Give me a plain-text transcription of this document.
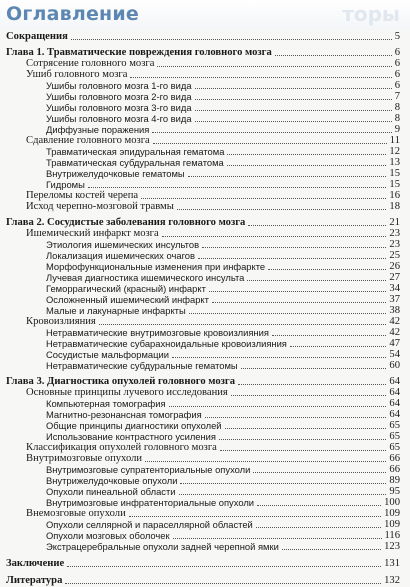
Оглавление	торы
Сокращения	5
Глава 1. Травматические повреждения головного мозга	6
Сотрясение головного мозга	6
Ушиб головного мозга	6
Ушибы головного мозга 1-го вида	6
Ушибы головного мозга 2-го вида	7
Ушибы головного мозга 3-го вида	8
Ушибы головного мозга 4-го вида	8
Диффузные поражения	9
Сдавление головного мозга	11
Травматическая эпидуральная гематома	12
Травматическая субдуральная гематома	13
Внутрижелудочковые гематомы	15
Гидромы	15
Переломы костей черепа	16
Исход черепно-мозговой травмы	18
Глава 2. Сосудистые заболевания головного мозга	21
Ишемический инфаркт мозга	23
Этиология ишемических инсультов	23
Локализация ишемических очагов	25
Морфофункциональные изменения при инфаркте	26
Лучевая диагностика ишемического инсульта	27
Геморрагический (красный) инфаркт	34
Осложненный ишемический инфаркт	37
Малые и лакунарные инфаркты	38
Кровоизлияния	42
Нетравматические внутримозговые кровоизлияния	42
Нетравматические субарахноидальные кровоизлияния	47
Сосудистые мальформации	54
Нетравматические субдуральные гематомы	60
Глава 3. Диагностика опухолей головного мозга	64
Основные принципы лучевого исследования	64
Компьютерная томография	64
Магнитно-резонансная томография	64
Общие принципы диагностики опухолей	65
Использование контрастного усиления	65
Классификация опухолей головного мозга	65
Внутримозговые опухоли	66
Внутримозговые супратенториальные опухоли	66
Внутрижелудочковые опухоли	89
Опухоли пинеальной области	95
Внутримозговые инфратенториальные опухоли	100
Внемозговые опухоли	109
Опухоли селлярной и параселлярной областей	109
Опухоли мозговых оболочек	116
Экстрацеребральные опухоли задней черепной ямки	123
Заключение	131
Литература	132
